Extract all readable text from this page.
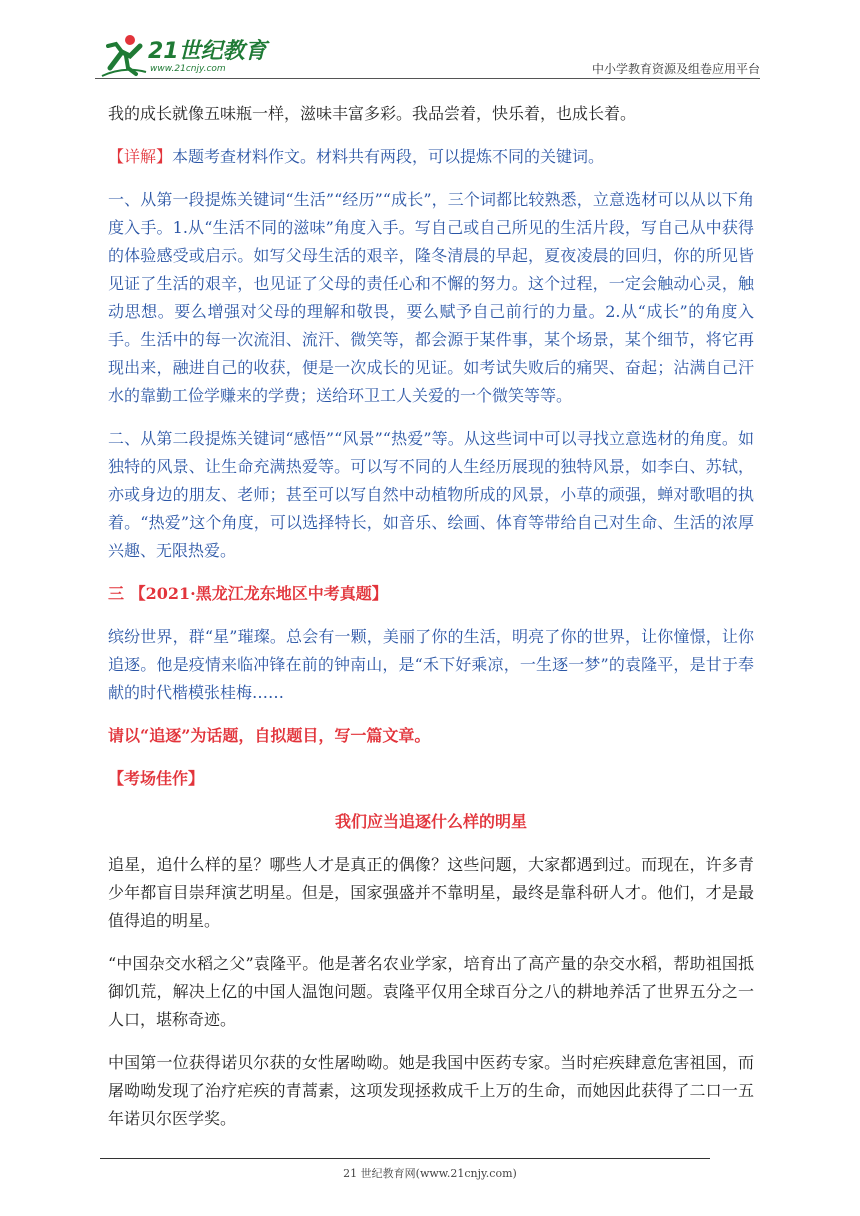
21世纪教育
www.21cnjy.com	中小学教育资源及组卷应用平台

我的成长就像五味瓶一样，滋味丰富多彩。我品尝着，快乐着，也成长着。

【详解】本题考查材料作文。材料共有两段，可以提炼不同的关键词。

一、从第一段提炼关键词“生活”“经历”“成长”，三个词都比较熟悉，立意选材可以从以下角度入手。1.从“生活不同的滋味”角度入手。写自己或自己所见的生活片段，写自己从中获得的体验感受或启示。如写父母生活的艰辛，隆冬清晨的早起，夏夜凌晨的回归，你的所见皆见证了生活的艰辛，也见证了父母的责任心和不懈的努力。这个过程，一定会触动心灵，触动思想。要么增强对父母的理解和敬畏，要么赋予自己前行的力量。2.从“成长”的角度入手。生活中的每一次流泪、流汗、微笑等，都会源于某件事，某个场景，某个细节，将它再现出来，融进自己的收获，便是一次成长的见证。如考试失败后的痛哭、奋起；沾满自己汗水的靠勤工俭学赚来的学费；送给环卫工人关爱的一个微笑等等。

二、从第二段提炼关键词“感悟”“风景”“热爱”等。从这些词中可以寻找立意选材的角度。如独特的风景、让生命充满热爱等。可以写不同的人生经历展现的独特风景，如李白、苏轼，亦或身边的朋友、老师；甚至可以写自然中动植物所成的风景，小草的顽强，蝉对歌唱的执着。“热爱”这个角度，可以选择特长，如音乐、绘画、体育等带给自己对生命、生活的浓厚兴趣、无限热爱。

三 【2021·黑龙江龙东地区中考真题】

缤纷世界，群“星”璀璨。总会有一颗，美丽了你的生活，明亮了你的世界，让你憧憬，让你追逐。他是疫情来临冲锋在前的钟南山，是“禾下好乘凉，一生逐一梦”的袁隆平，是甘于奉献的时代楷模张桂梅……

请以“追逐”为话题，自拟题目，写一篇文章。

【考场佳作】

我们应当追逐什么样的明星

追星，追什么样的星？哪些人才是真正的偶像？这些问题，大家都遇到过。而现在，许多青少年都盲目崇拜演艺明星。但是，国家强盛并不靠明星，最终是靠科研人才。他们，才是最值得追的明星。

“中国杂交水稻之父”袁隆平。他是著名农业学家，培育出了高产量的杂交水稻，帮助祖国抵御饥荒，解决上亿的中国人温饱问题。袁隆平仅用全球百分之八的耕地养活了世界五分之一人口，堪称奇迹。

中国第一位获得诺贝尔获的女性屠呦呦。她是我国中医药专家。当时疟疾肆意危害祖国，而屠呦呦发现了治疗疟疾的青蒿素，这项发现拯救成千上万的生命，而她因此获得了二口一五年诺贝尔医学奖。

21 世纪教育网(www.21cnjy.com)
